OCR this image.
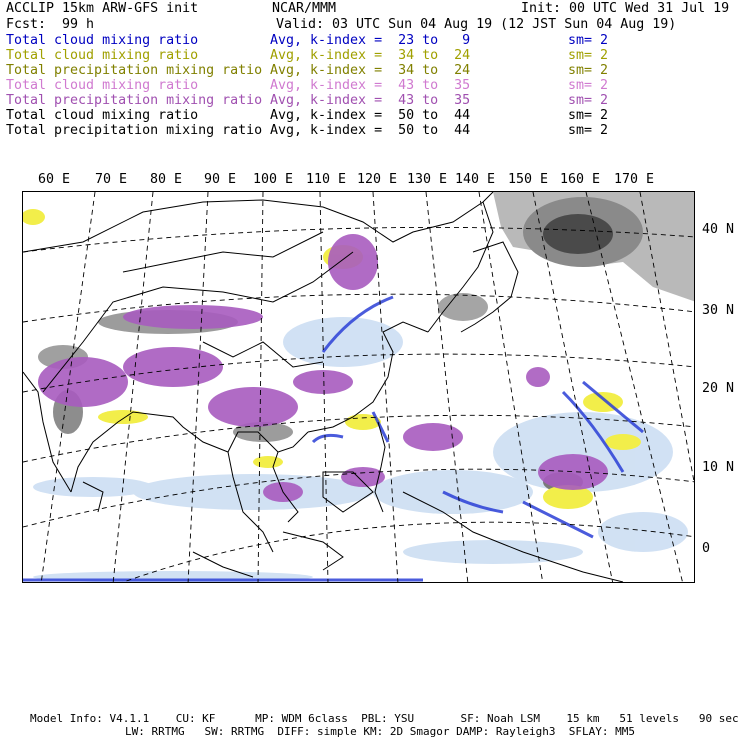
ACCLIP 15km ARW-GFS init	NCAR/MMM	Init: 00 UTC Wed 31 Jul 19
Fcst: 99 h	Valid: 03 UTC Sun 04 Aug 19 (12 JST Sun 04 Aug 19)
Total cloud mixing ratio	Avg, k-index =  23 to   9	sm= 2
Total cloud mixing ratio	Avg, k-index =  34 to  24	sm= 2
Total precipitation mixing ratio Avg, k-index =  34 to  24	sm= 2
Total cloud mixing ratio	Avg, k-index =  43 to  35	sm= 2
Total precipitation mixing ratio Avg, k-index =  43 to  35	sm= 2
Total cloud mixing ratio	Avg, k-index =  50 to  44	sm= 2
Total precipitation mixing ratio Avg, k-index =  50 to  44	sm= 2
60 E 70 E 80 E 90 E 100 E 110 E 120 E 130 E 140 E 150 E 160 E 170 E
40 N
30 N
20 N
10 N
0
Model Info: V4.1.1    CU: KF      MP: WDM 6class  PBL: YSU       SF: Noah LSM    15 km   51 levels   90 sec
LW: RRTMG   SW: RRTMG  DIFF: simple KM: 2D Smagor DAMP: Rayleigh3  SFLAY: MM5
